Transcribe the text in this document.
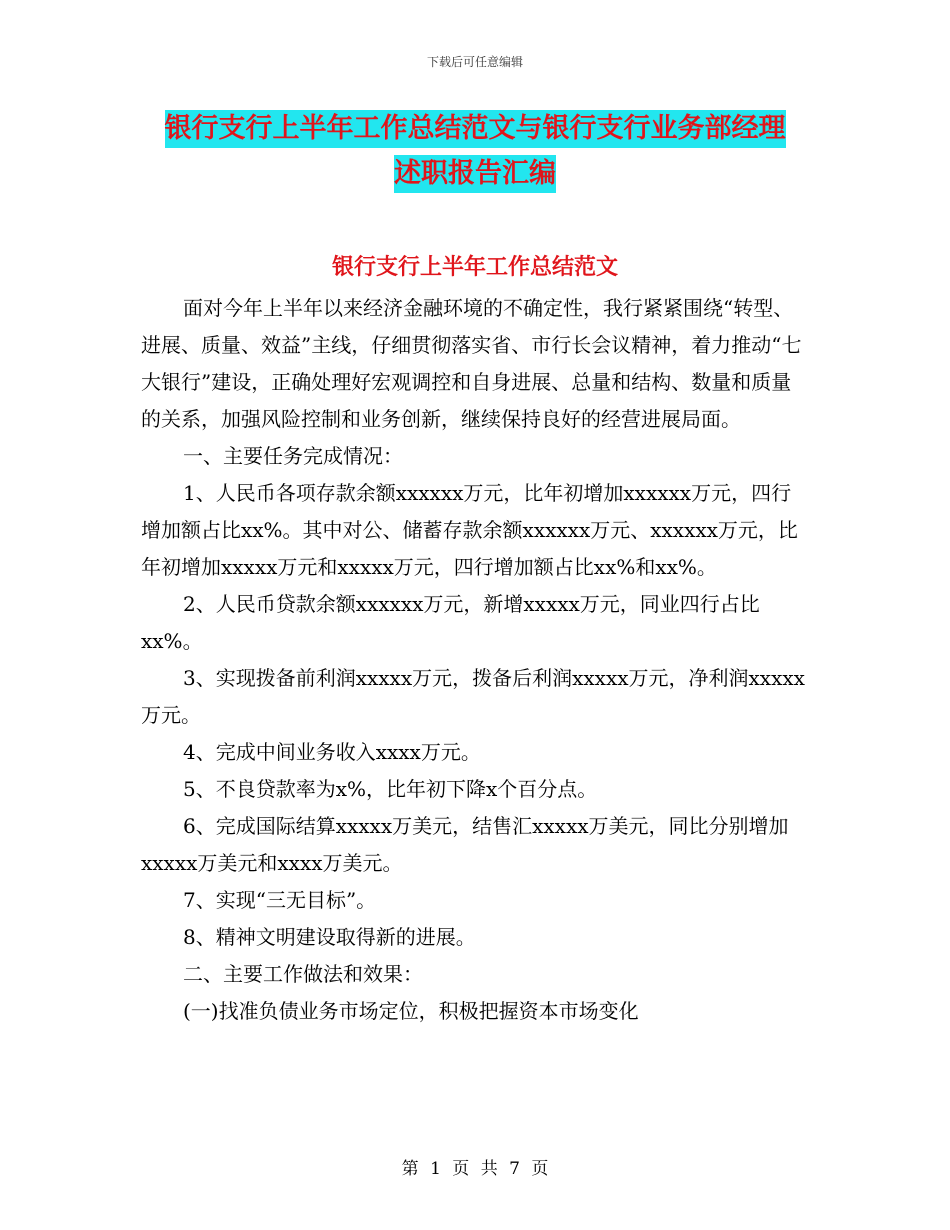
下载后可任意编辑
银行支行上半年工作总结范文与银行支行业务部经理
述职报告汇编
银行支行上半年工作总结范文

面对今年上半年以来经济金融环境的不确定性，我行紧紧围绕“转型、进展、质量、效益”主线，仔细贯彻落实省、市行长会议精神，着力推动“七大银行”建设，正确处理好宏观调控和自身进展、总量和结构、数量和质量的关系，加强风险控制和业务创新，继续保持良好的经营进展局面。

一、主要任务完成情况：

1、人民币各项存款余额xxxxxx万元，比年初增加xxxxxx万元，四行增加额占比xx%。其中对公、储蓄存款余额xxxxxx万元、xxxxxx万元，比年初增加xxxxx万元和xxxxx万元，四行增加额占比xx%和xx%。

2、人民币贷款余额xxxxxx万元，新增xxxxx万元，同业四行占比xx%。

3、实现拨备前利润xxxxx万元，拨备后利润xxxxx万元，净利润xxxxx万元。

4、完成中间业务收入xxxx万元。

5、不良贷款率为x%，比年初下降x个百分点。

6、完成国际结算xxxxx万美元，结售汇xxxxx万美元，同比分别增加xxxxx万美元和xxxx万美元。

7、实现“三无目标”。

8、精神文明建设取得新的进展。

二、主要工作做法和效果：

(一)找准负债业务市场定位，积极把握资本市场变化

第 1 页 共 7 页
